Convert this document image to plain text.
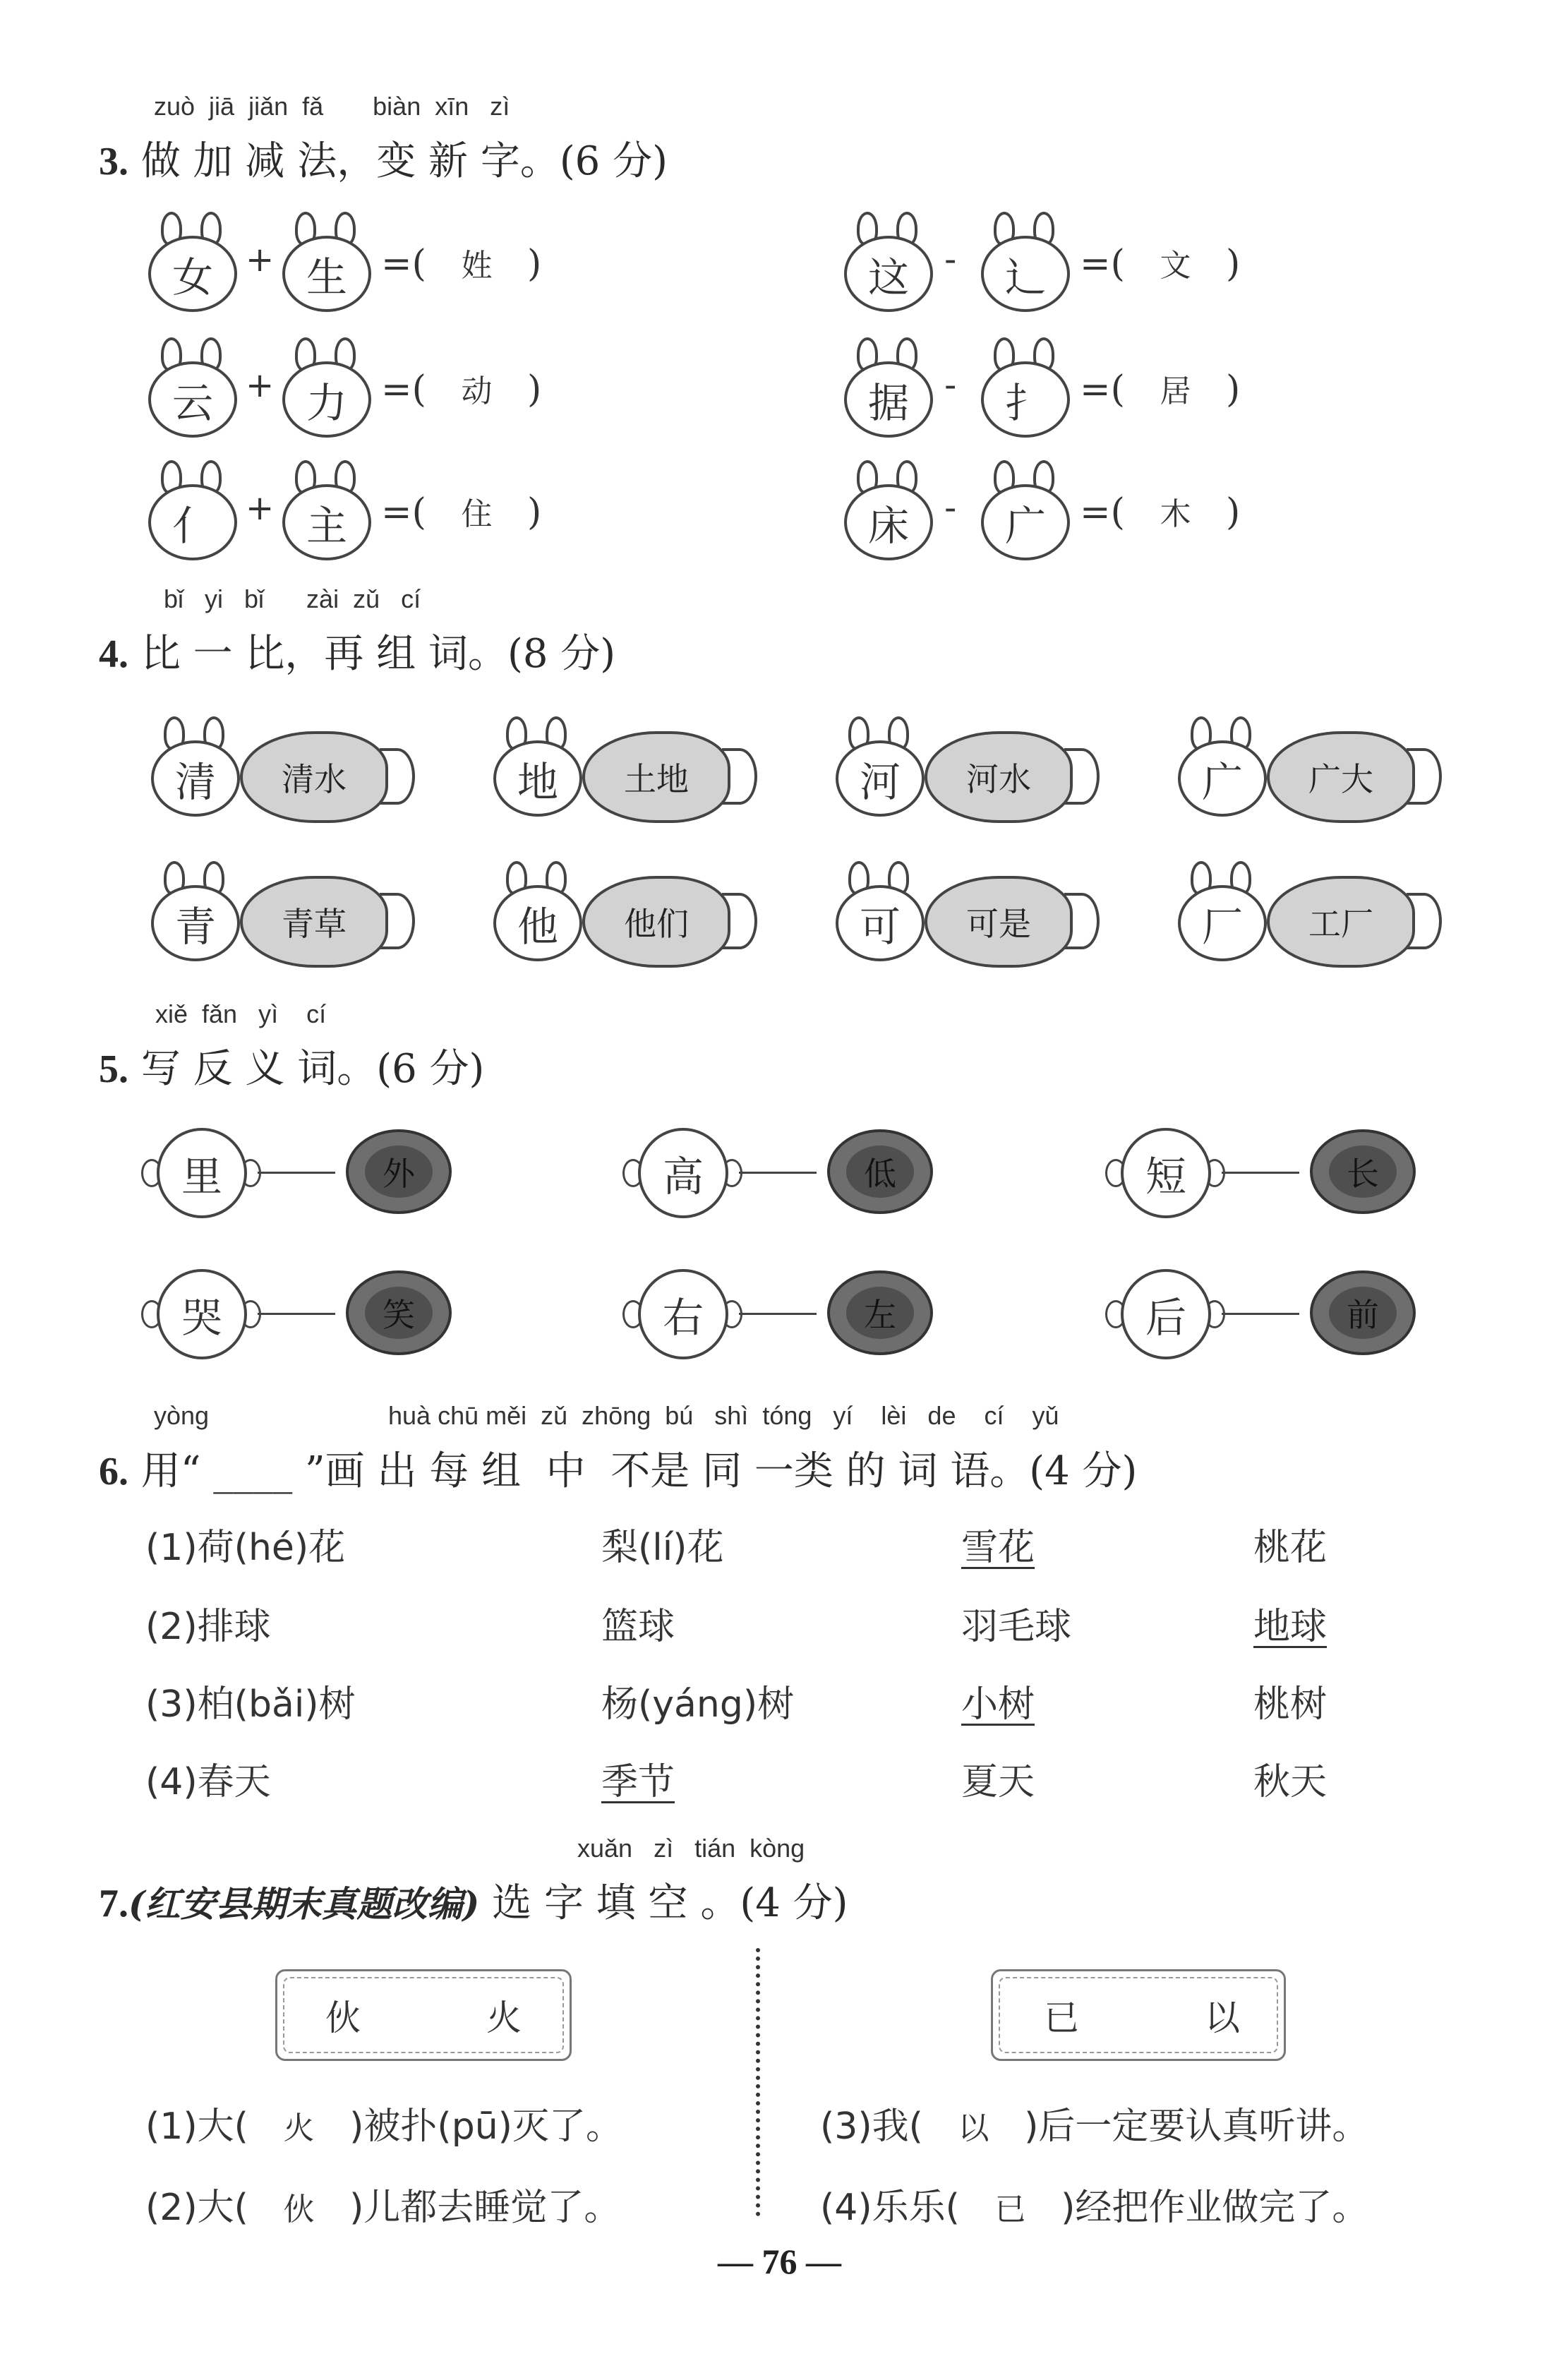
zuò  jiā  jiǎn  fǎ       biàn  xīn   zì
3. 做 加 减 法，变 新 字。(6 分)
女 + 生 =(   姓   )
云 + 力 =(   动   )
亻 + 主 =(   住   )
这	-	辶 =(   文   )
据	-	扌 =(   居   )
床	-	广 =(   木   )
bǐ   yi   bǐ      zài  zǔ   cí
4. 比 一 比，再 组 词。(8 分)
清	清水	地	土地	河	河水	广	广大
青	青草	他	他们	可	可是	厂	工厂
xiě  fǎn   yì    cí
5. 写 反 义 词。(6 分)
里	外	高	低	短	长
哭	笑	右	左	后	前
yòng	huà chū měi  zǔ  zhōng  bú   shì  tóng   yí    lèi   de    cí    yǔ
6. 用“ ____ ”画 出 每 组  中  不是 同 一类 的 词 语。(4 分)
(1)荷(hé)花	梨(lí)花	雪花	桃花
(2)排球	篮球	羽毛球	地球
(3)柏(bǎi)树	杨(yáng)树	小树	桃树
(4)春天	季节	夏天	秋天
xuǎn   zì   tián  kòng
7.(红安县期末真题改编) 选 字 填 空 。(4 分)
伙	火	已	以
(1)大( 火 )被扑(pū)灭了。
(2)大( 伙 )儿都去睡觉了。
(3)我( 以 )后一定要认真听讲。
(4)乐乐( 已 )经把作业做完了。
— 76 —
